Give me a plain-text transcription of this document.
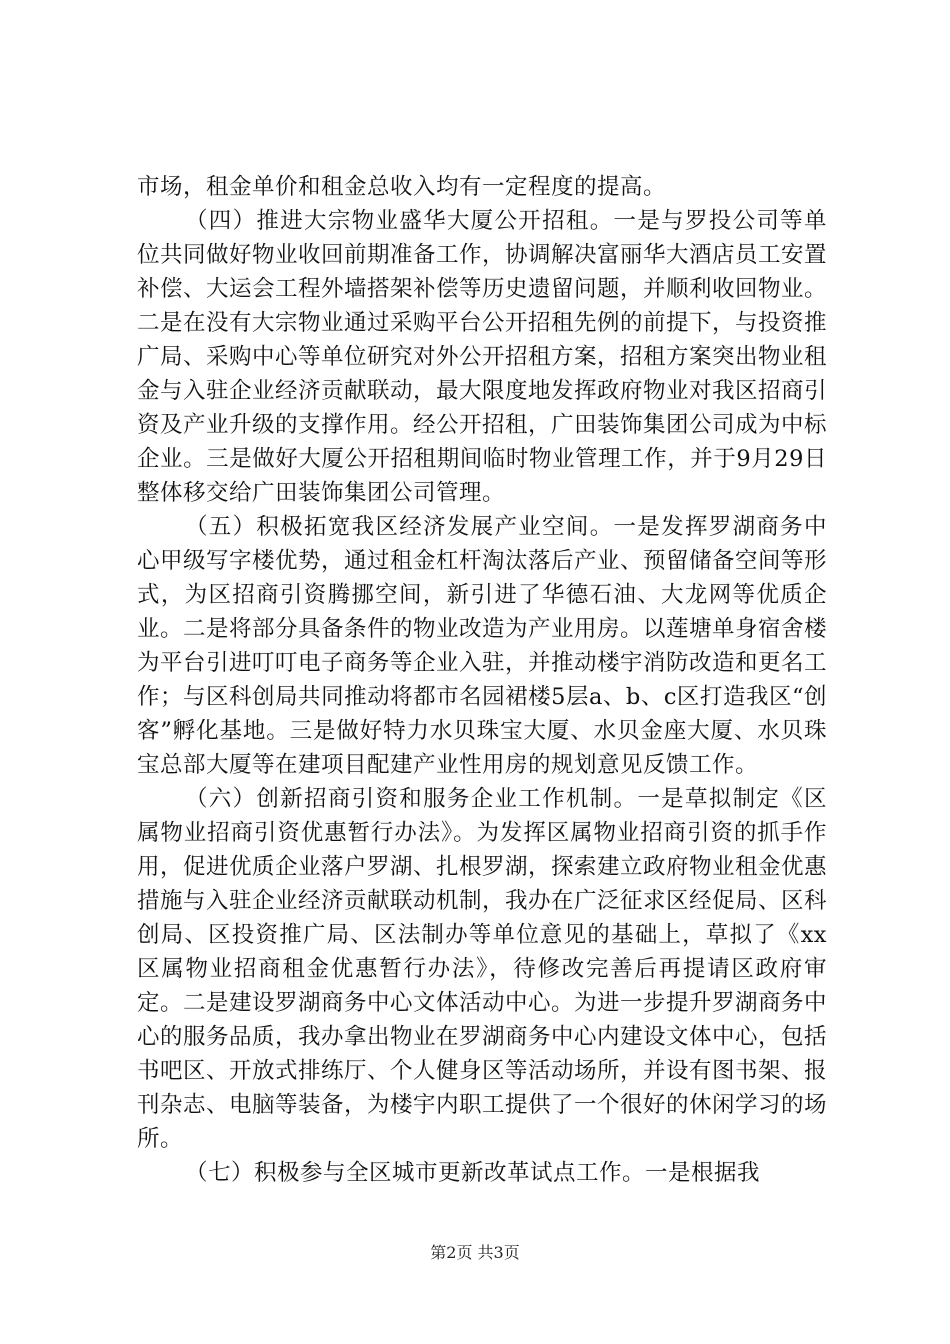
市场，租金单价和租金总收入均有一定程度的提高。

（四）推进大宗物业盛华大厦公开招租。一是与罗投公司等单位共同做好物业收回前期准备工作，协调解决富丽华大酒店员工安置补偿、大运会工程外墙搭架补偿等历史遗留问题，并顺利收回物业。二是在没有大宗物业通过采购平台公开招租先例的前提下，与投资推广局、采购中心等单位研究对外公开招租方案，招租方案突出物业租金与入驻企业经济贡献联动，最大限度地发挥政府物业对我区招商引资及产业升级的支撑作用。经公开招租，广田装饰集团公司成为中标企业。三是做好大厦公开招租期间临时物业管理工作，并于9月29日整体移交给广田装饰集团公司管理。

（五）积极拓宽我区经济发展产业空间。一是发挥罗湖商务中心甲级写字楼优势，通过租金杠杆淘汰落后产业、预留储备空间等形式，为区招商引资腾挪空间，新引进了华德石油、大龙网等优质企业。二是将部分具备条件的物业改造为产业用房。以莲塘单身宿舍楼为平台引进叮叮电子商务等企业入驻，并推动楼宇消防改造和更名工作；与区科创局共同推动将都市名园裙楼5层a、b、c区打造我区“创客”孵化基地。三是做好特力水贝珠宝大厦、水贝金座大厦、水贝珠宝总部大厦等在建项目配建产业性用房的规划意见反馈工作。

（六）创新招商引资和服务企业工作机制。一是草拟制定《区属物业招商引资优惠暂行办法》。为发挥区属物业招商引资的抓手作用，促进优质企业落户罗湖、扎根罗湖，探索建立政府物业租金优惠措施与入驻企业经济贡献联动机制，我办在广泛征求区经促局、区科创局、区投资推广局、区法制办等单位意见的基础上，草拟了《xx区属物业招商租金优惠暂行办法》，待修改完善后再提请区政府审定。二是建设罗湖商务中心文体活动中心。为进一步提升罗湖商务中心的服务品质，我办拿出物业在罗湖商务中心内建设文体中心，包括书吧区、开放式排练厅、个人健身区等活动场所，并设有图书架、报刊杂志、电脑等装备，为楼宇内职工提供了一个很好的休闲学习的场所。

（七）积极参与全区城市更新改革试点工作。一是根据我

第2页 共3页
